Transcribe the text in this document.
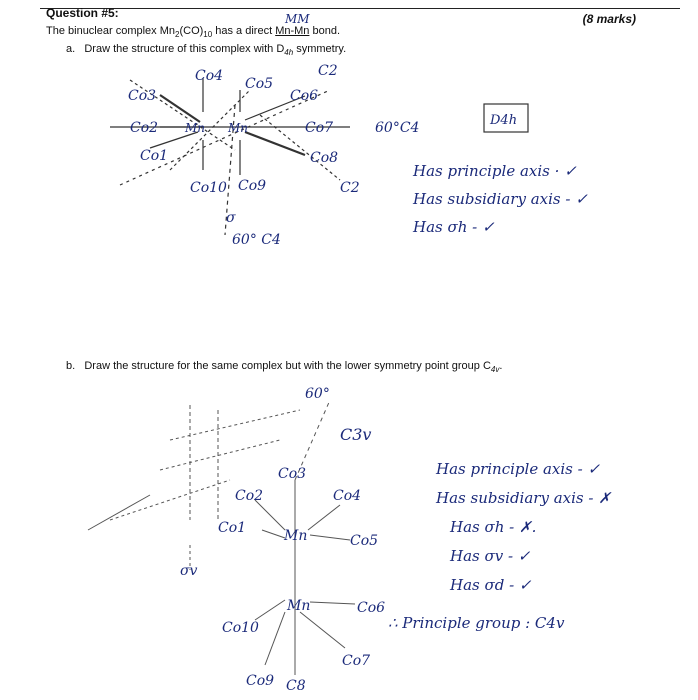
Question #5:	(8 marks)
MM
The binuclear complex $Mn_2(CO)_{10}$ has a direct Mn-Mn bond.
a. Draw the structure of this complex with $D_{4h}$ symmetry.
Co3
Co4 Co5
Co6
Co2
Co1
Mn Mn	Co7
Co8
Co10 Co9
C2
C2
60°C4
σ
60° C4
D4h
Has principle axis · ✓
Has subsidiary axis - ✓
Has σh - ✓
b. Draw the structure for the same complex but with the lower symmetry point group $C_{4v}$.
60°
C3v
Co3
Co2	Co4
Co1	Mn	Co5
Mn	Co6
Co10
Co7
Co9 C8
σv
Has principle axis - ✓
Has subsidiary axis - ✗
Has σh - ✗.
Has σv - ✓
Has σd - ✓
∴ Principle group : C4v
